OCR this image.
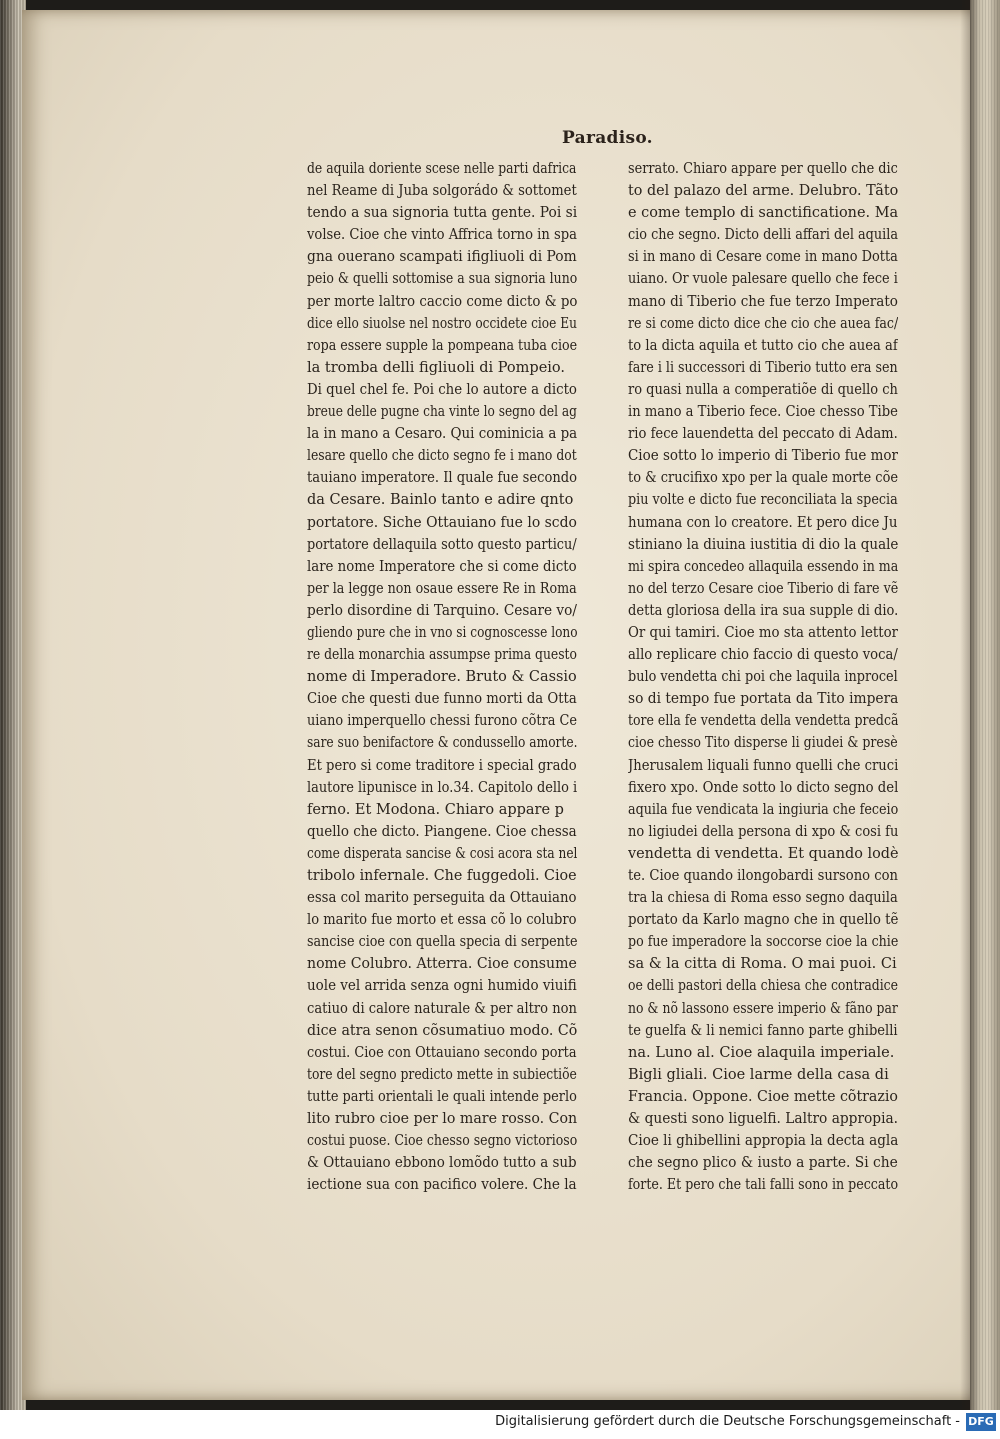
Paradiso.
de aquila doriente scese nelle parti dafrica
nel Reame di Juba solgorádo & sottomet
tendo a sua signoria tutta gente. Poi si
volse. Cioe che vinto Affrica torno in spa
gna ouerano scampati ifigliuoli di Pom
peio & quelli sottomise a sua signoria luno
per morte laltro caccio come dicto & po
dice ello siuolse nel nostro occidete cioe Eu
ropa essere supple la pompeana tuba cioe
la tromba delli figliuoli di Pompeio.
Di quel chel fe. Poi che lo autore a dicto
breue delle pugne cha vinte lo segno del ag
la in mano a Cesaro. Qui cominicia a pa
lesare quello che dicto segno fe i mano dot
tauiano imperatore. Il quale fue secondo
da Cesare. Bainlo tanto e adire qnto
portatore. Siche Ottauiano fue lo scdo
portatore dellaquila sotto questo particu/
lare nome Imperatore che si come dicto
per la legge non osaue essere Re in Roma
perlo disordine di Tarquino. Cesare vo/
gliendo pure che in vno si cognoscesse lono
re della monarchia assumpse prima questo
nome di Imperadore. Bruto & Cassio
Cioe che questi due funno morti da Otta
uiano imperquello chessi furono cõtra Ce
sare suo benifactore & condussello amorte.
Et pero si come traditore i special grado
lautore lipunisce in lo.34. Capitolo dello i
ferno. Et Modona. Chiaro appare p
quello che dicto. Piangene. Cioe chessa
come disperata sancise & cosi acora sta nel
tribolo infernale. Che fuggedoli. Cioe
essa col marito perseguita da Ottauiano
lo marito fue morto et essa cõ lo colubro
sancise cioe con quella specia di serpente
nome Colubro. Atterra. Cioe consume
uole vel arrida senza ogni humido viuifi
catiuo di calore naturale & per altro non
dice atra senon cõsumatiuo modo. Cõ
costui. Cioe con Ottauiano secondo porta
tore del segno predicto mette in subiectiõe
tutte parti orientali le quali intende perlo
lito rubro cioe per lo mare rosso. Con
costui puose. Cioe chesso segno victorioso
& Ottauiano ebbono lomõdo tutto a sub
iectione sua con pacifico volere. Che la
serrato. Chiaro appare per quello che dic
to del palazo del arme. Delubro. Tãto
e come templo di sanctificatione. Ma
cio che segno. Dicto delli affari del aquila
si in mano di Cesare come in mano Dotta
uiano. Or vuole palesare quello che fece i
mano di Tiberio che fue terzo Imperato
re si come dicto dice che cio che auea fac/
to la dicta aquila et tutto cio che auea af
fare i li successori di Tiberio tutto era sen
ro quasi nulla a comperatiõe di quello ch
in mano a Tiberio fece. Cioe chesso Tibe
rio fece lauendetta del peccato di Adam.
Cioe sotto lo imperio di Tiberio fue mor
to & crucifixo xpo per la quale morte cõe
piu volte e dicto fue reconciliata la specia
humana con lo creatore. Et pero dice Ju
stiniano la diuina iustitia di dio la quale
mi spira concedeo allaquila essendo in ma
no del terzo Cesare cioe Tiberio di fare vẽ
detta gloriosa della ira sua supple di dio.
Or qui tamiri. Cioe mo sta attento lettor
allo replicare chio faccio di questo voca/
bulo vendetta chi poi che laquila inprocel
so di tempo fue portata da Tito impera
tore ella fe vendetta della vendetta predcã
cioe chesso Tito disperse li giudei & presè
Jherusalem liquali funno quelli che cruci
fixero xpo. Onde sotto lo dicto segno del
aquila fue vendicata la ingiuria che feceio
no ligiudei della persona di xpo & cosi fu
vendetta di vendetta. Et quando lodè
te. Cioe quando ilongobardi sursono con
tra la chiesa di Roma esso segno daquila
portato da Karlo magno che in quello tẽ
po fue imperadore la soccorse cioe la chie
sa & la citta di Roma. O mai puoi. Ci
oe delli pastori della chiesa che contradice
no & nõ lassono essere imperio & fãno par
te guelfa & li nemici fanno parte ghibelli
na. Luno al. Cioe alaquila imperiale.
Bigli gliali. Cioe larme della casa di
Francia. Oppone. Cioe mette cõtrazio
& questi sono liguelfi. Laltro appropia.
Cioe li ghibellini appropia la decta agla
che segno plico & iusto a parte. Si che
forte. Et pero che tali falli sono in peccato
Digitalisierung gefördert durch die Deutsche Forschungsgemeinschaft - DFG
